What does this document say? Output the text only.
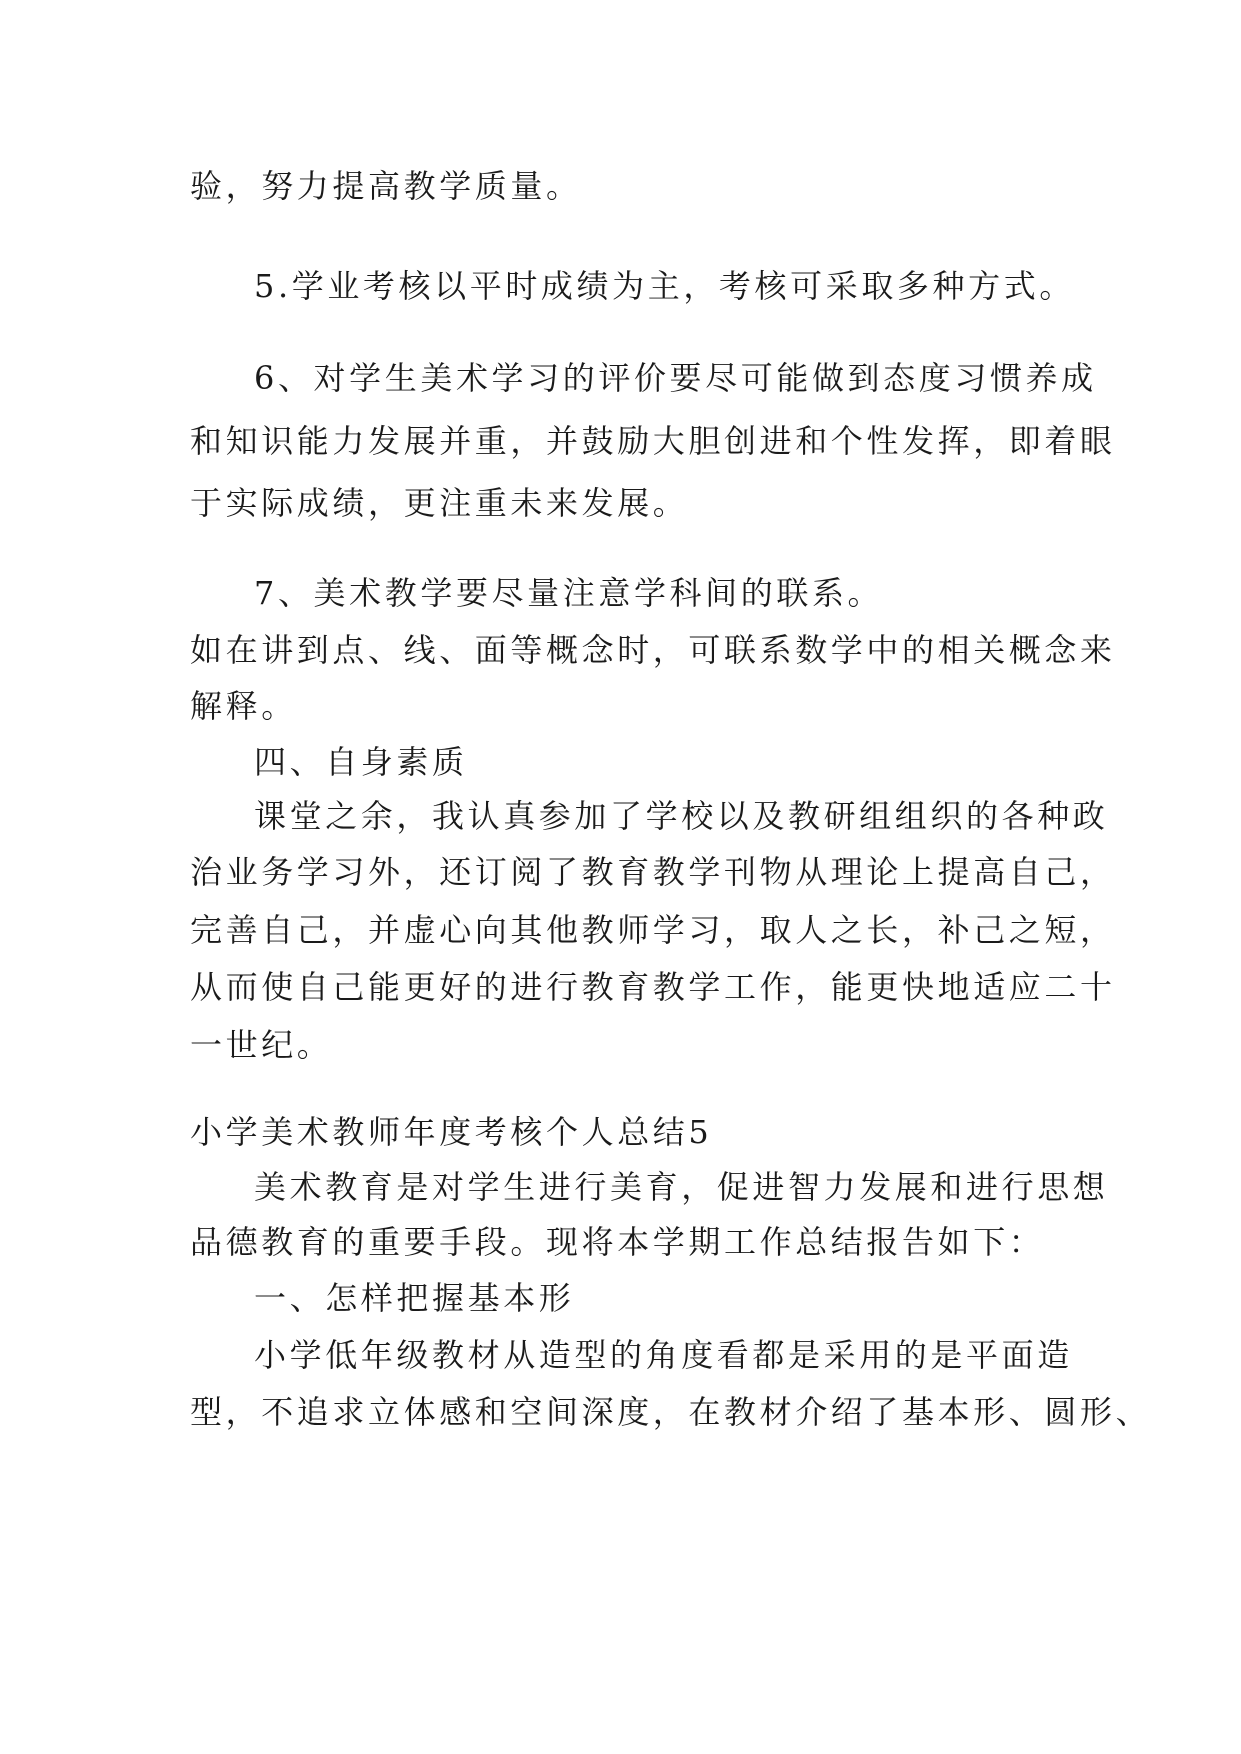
验，努力提高教学质量。
5.学业考核以平时成绩为主，考核可采取多种方式。
6、对学生美术学习的评价要尽可能做到态度习惯养成
和知识能力发展并重，并鼓励大胆创进和个性发挥，即着眼
于实际成绩，更注重未来发展。
7、美术教学要尽量注意学科间的联系。
如在讲到点、线、面等概念时，可联系数学中的相关概念来
解释。
四、自身素质
课堂之余，我认真参加了学校以及教研组组织的各种政
治业务学习外，还订阅了教育教学刊物从理论上提高自己，
完善自己，并虚心向其他教师学习，取人之长，补己之短，
从而使自己能更好的进行教育教学工作，能更快地适应二十
一世纪。
小学美术教师年度考核个人总结5
美术教育是对学生进行美育，促进智力发展和进行思想
品德教育的重要手段。现将本学期工作总结报告如下：
一、怎样把握基本形
小学低年级教材从造型的角度看都是采用的是平面造
型，不追求立体感和空间深度，在教材介绍了基本形、圆形、
